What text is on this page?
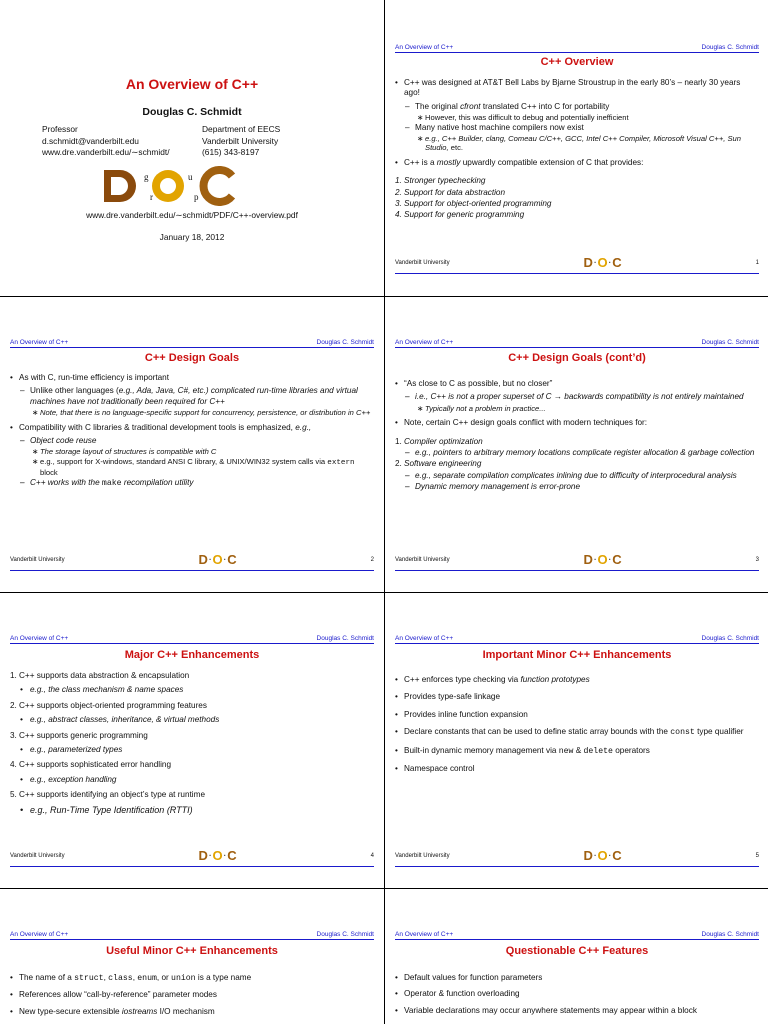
An Overview of C++
Douglas C. Schmidt
Professor
d.schmidt@vanderbilt.edu
www.dre.vanderbilt.edu/∼schmidt/
Department of EECS
Vanderbilt University
(615) 343-8197
g
r
u
p
www.dre.vanderbilt.edu/∼schmidt/PDF/C++-overview.pdf
January 18, 2012
An Overview of C++	Douglas C. Schmidt
C++ Overview
• C++ was designed at AT&T Bell Labs by Bjarne Stroustrup in the early 80’s – nearly 30 years ago!
– The original cfront translated C++ into C for portability
∗ However, this was difficult to debug and potentially inefficient
– Many native host machine compilers now exist
∗ e.g., C++ Builder, clang, Comeau C/C++, GCC, Intel C++ Compiler, Microsoft Visual C++, Sun Studio, etc.
• C++ is a mostly upwardly compatible extension of C that provides:
1. Stronger typechecking
2. Support for data abstraction
3. Support for object-oriented programming
4. Support for generic programming
Vanderbilt University	D · O · C	1
An Overview of C++	Douglas C. Schmidt
C++ Design Goals
• As with C, run-time efficiency is important
– Unlike other languages (e.g., Ada, Java, C#, etc.) complicated run-time libraries and virtual machines have not traditionally been required for C++
∗ Note, that there is no language-specific support for concurrency, persistence, or distribution in C++
• Compatibility with C libraries & traditional development tools is emphasized, e.g.,
– Object code reuse
∗ The storage layout of structures is compatible with C
∗ e.g., support for X-windows, standard ANSI C library, & UNIX/WIN32 system calls via extern block
– C++ works with the make recompilation utility
Vanderbilt University	D · O · C	2
An Overview of C++	Douglas C. Schmidt
C++ Design Goals (cont’d)
• “As close to C as possible, but no closer”
– i.e., C++ is not a proper superset of C → backwards compatibility is not entirely maintained
∗ Typically not a problem in practice...
• Note, certain C++ design goals conflict with modern techniques for:
1. Compiler optimization
– e.g., pointers to arbitrary memory locations complicate register allocation & garbage collection
2. Software engineering
– e.g., separate compilation complicates inlining due to difficulty of interprocedural analysis
– Dynamic memory management is error-prone
Vanderbilt University	D · O · C	3
An Overview of C++	Douglas C. Schmidt
Major C++ Enhancements
1. C++ supports data abstraction & encapsulation
• e.g., the class mechanism & name spaces
2. C++ supports object-oriented programming features
• e.g., abstract classes, inheritance, & virtual methods
3. C++ supports generic programming
• e.g., parameterized types
4. C++ supports sophisticated error handling
• e.g., exception handling
5. C++ supports identifying an object’s type at runtime
• e.g., Run-Time Type Identification (RTTI)
Vanderbilt University	D · O · C	4
An Overview of C++	Douglas C. Schmidt
Important Minor C++ Enhancements
• C++ enforces type checking via function prototypes
• Provides type-safe linkage
• Provides inline function expansion
• Declare constants that can be used to define static array bounds with the const type qualifier
• Built-in dynamic memory management via new & delete operators
• Namespace control
Vanderbilt University	D · O · C	5
An Overview of C++	Douglas C. Schmidt
Useful Minor C++ Enhancements
• The name of a struct, class, enum, or union is a type name
• References allow “call-by-reference” parameter modes
• New type-secure extensible iostreams I/O mechanism
An Overview of C++	Douglas C. Schmidt
Questionable C++ Features
• Default values for function parameters
• Operator & function overloading
• Variable declarations may occur anywhere statements may appear within a block
